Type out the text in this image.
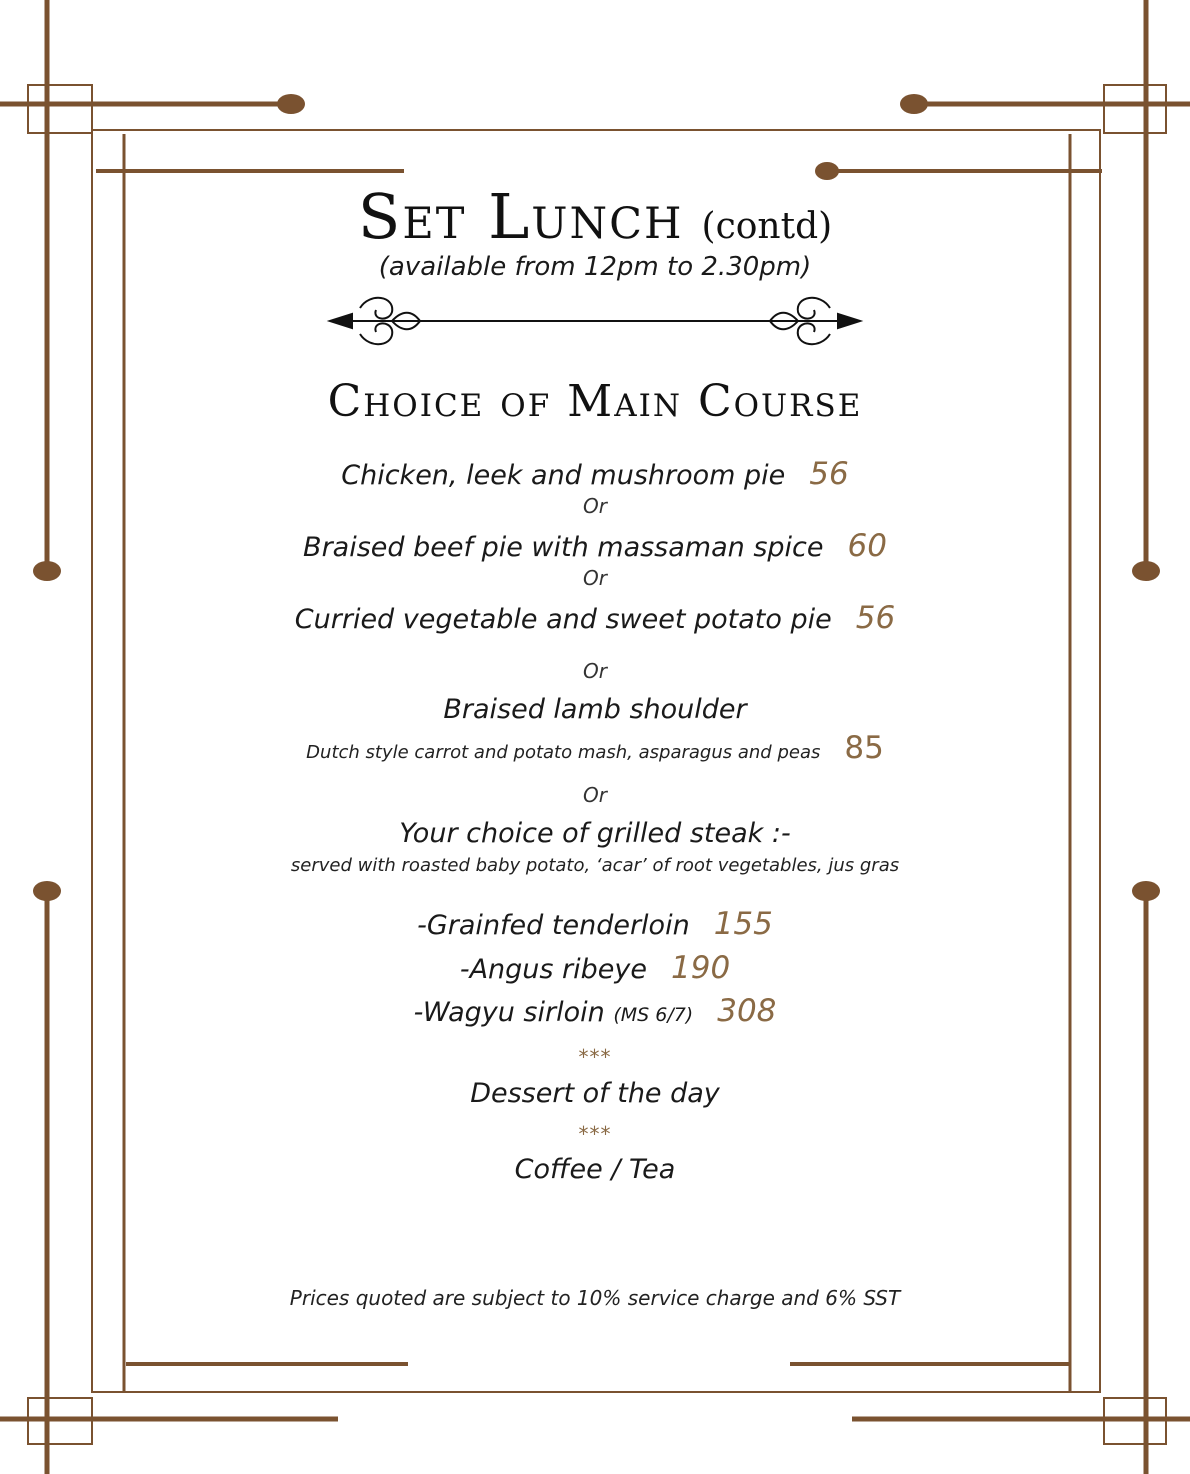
Set Lunch (contd)
(available from 12pm to 2.30pm)
Choice of Main Course
Chicken, leek and mushroom pie 56
Or
Braised beef pie with massaman spice 60
Or
Curried vegetable and sweet potato pie 56
Or
Braised lamb shoulder
Dutch style carrot and potato mash, asparagus and peas 85
Or
Your choice of grilled steak :-
served with roasted baby potato, ‘acar’ of root vegetables, jus gras
-Grainfed tenderloin 155
-Angus ribeye 190
-Wagyu sirloin (MS 6/7) 308
***
Dessert of the day
***
Coffee / Tea
Prices quoted are subject to 10% service charge and 6% SST
